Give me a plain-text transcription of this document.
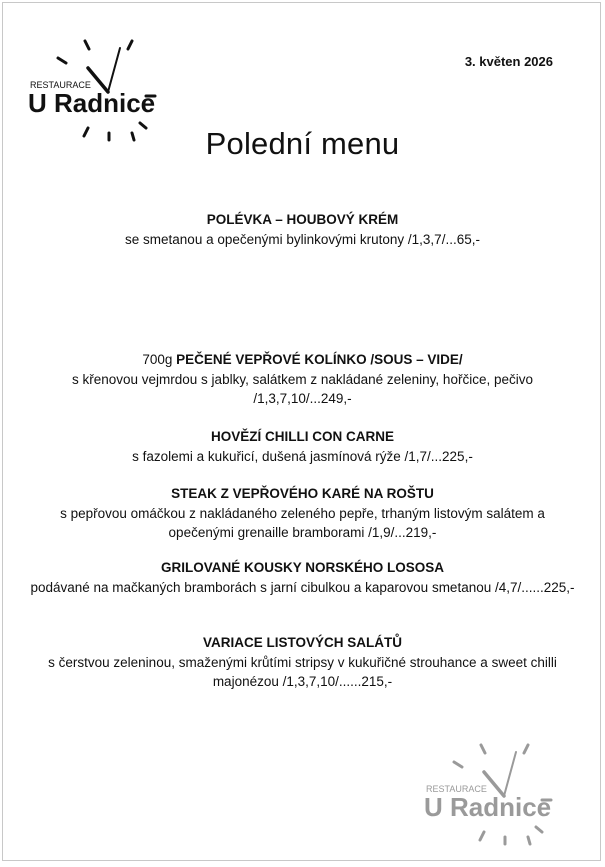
RESTAURACE
U Radnice
3. květen 2026
Polední menu
POLÉVKA – HOUBOVÝ KRÉM
se smetanou a opečenými bylinkovými krutony /1,3,7/...65,-
700g PEČENÉ VEPŘOVÉ KOLÍNKO /SOUS – VIDE/
s křenovou vejmrdou s jablky, salátkem z nakládané zeleniny, hořčice, pečivo /1,3,7,10/...249,-
HOVĚZÍ CHILLI CON CARNE
s fazolemi a kukuřicí, dušená jasmínová rýže /1,7/...225,-
STEAK Z VEPŘOVÉHO KARÉ NA ROŠTU
s pepřovou omáčkou z nakládaného zeleného pepře, trhaným listovým salátem a opečenými grenaille bramborami /1,9/...219,-
GRILOVANÉ KOUSKY NORSKÉHO LOSOSA
podávané na mačkaných bramborách s jarní cibulkou a kaparovou smetanou /4,7/......225,-
VARIACE LISTOVÝCH SALÁTŮ
s čerstvou zeleninou, smaženými krůtími stripsy v kukuřičné strouhance a sweet chilli majonézou /1,3,7,10/......215,-
RESTAURACE
U Radnice
